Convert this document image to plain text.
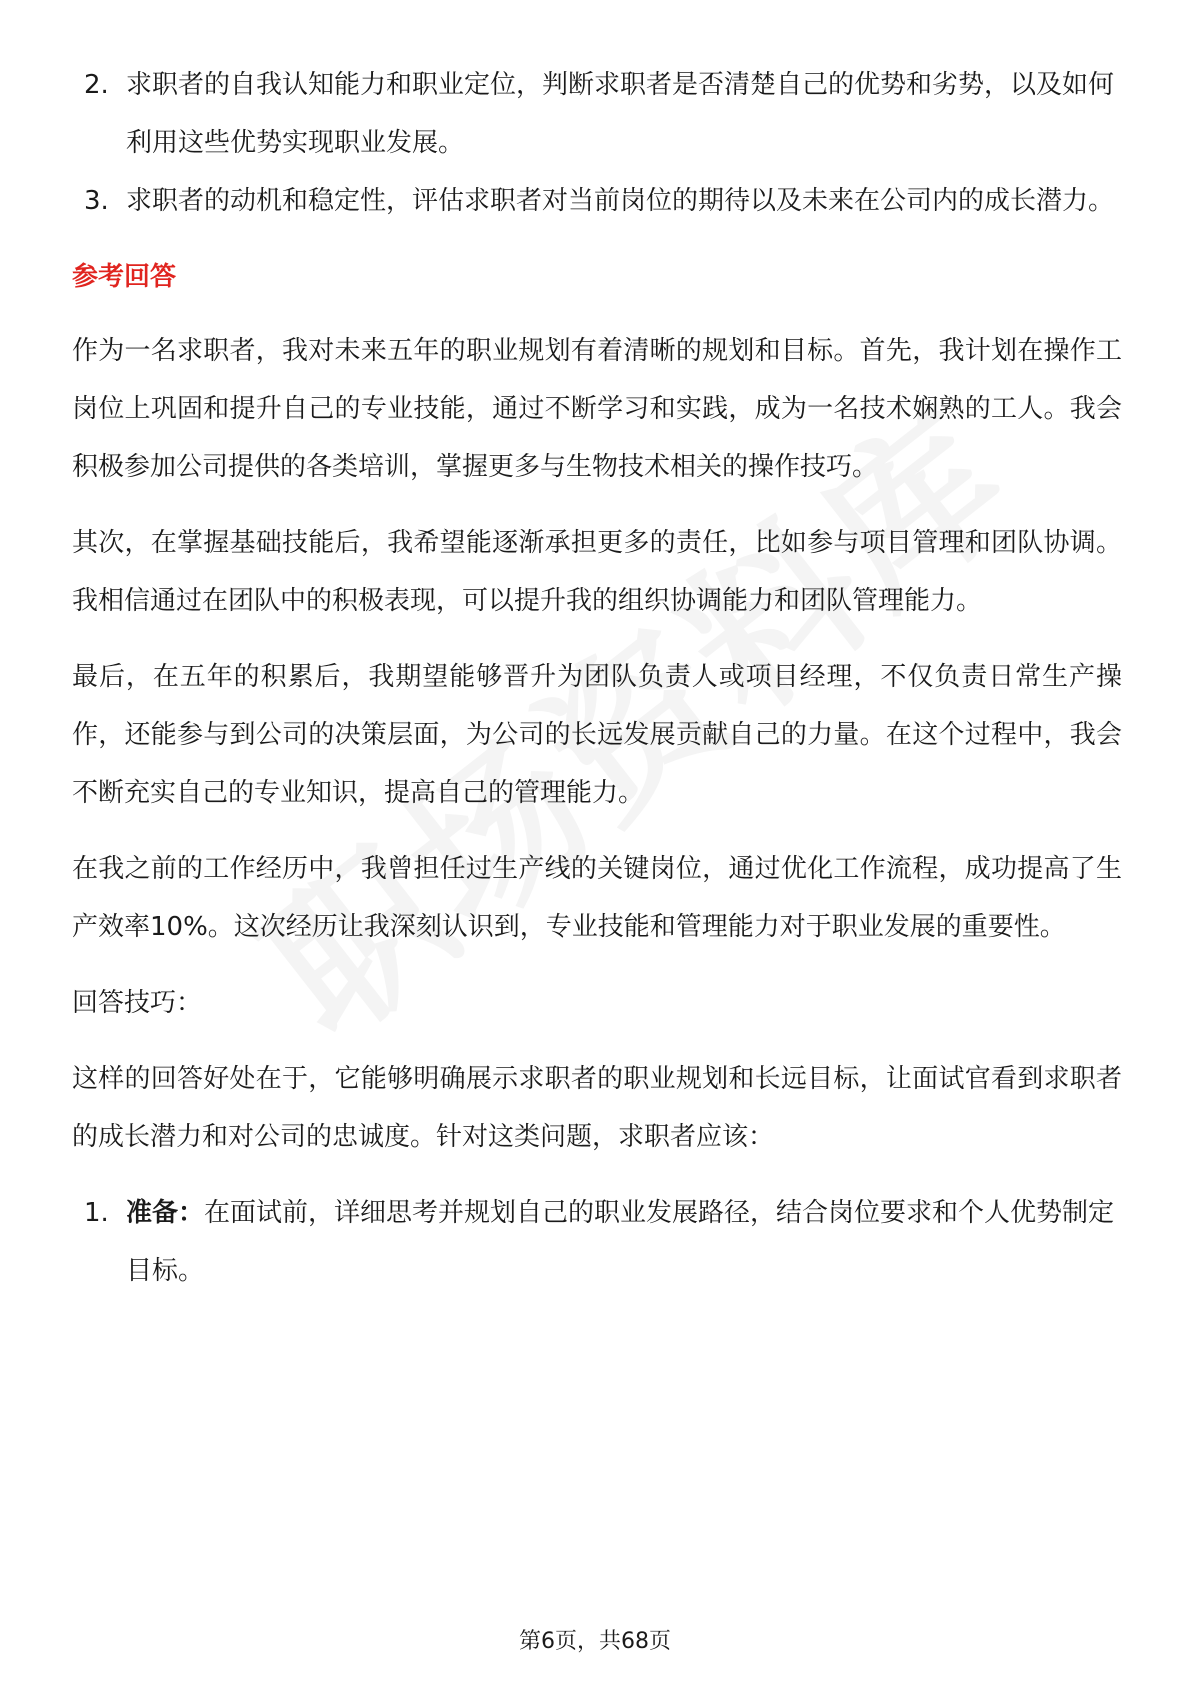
2. 求职者的自我认知能力和职业定位，判断求职者是否清楚自己的优势和劣势，以及如何利用这些优势实现职业发展。
3. 求职者的动机和稳定性，评估求职者对当前岗位的期待以及未来在公司内的成长潜力。
参考回答

作为一名求职者，我对未来五年的职业规划有着清晰的规划和目标。首先，我计划在操作工岗位上巩固和提升自己的专业技能，通过不断学习和实践，成为一名技术娴熟的工人。我会积极参加公司提供的各类培训，掌握更多与生物技术相关的操作技巧。

其次，在掌握基础技能后，我希望能逐渐承担更多的责任，比如参与项目管理和团队协调。我相信通过在团队中的积极表现，可以提升我的组织协调能力和团队管理能力。

最后，在五年的积累后，我期望能够晋升为团队负责人或项目经理，不仅负责日常生产操作，还能参与到公司的决策层面，为公司的长远发展贡献自己的力量。在这个过程中，我会不断充实自己的专业知识，提高自己的管理能力。

在我之前的工作经历中，我曾担任过生产线的关键岗位，通过优化工作流程，成功提高了生产效率10%。这次经历让我深刻认识到，专业技能和管理能力对于职业发展的重要性。

回答技巧：

这样的回答好处在于，它能够明确展示求职者的职业规划和长远目标，让面试官看到求职者的成长潜力和对公司的忠诚度。针对这类问题，求职者应该：

1. 准备：在面试前，详细思考并规划自己的职业发展路径，结合岗位要求和个人优势制定目标。
第6页，共68页
